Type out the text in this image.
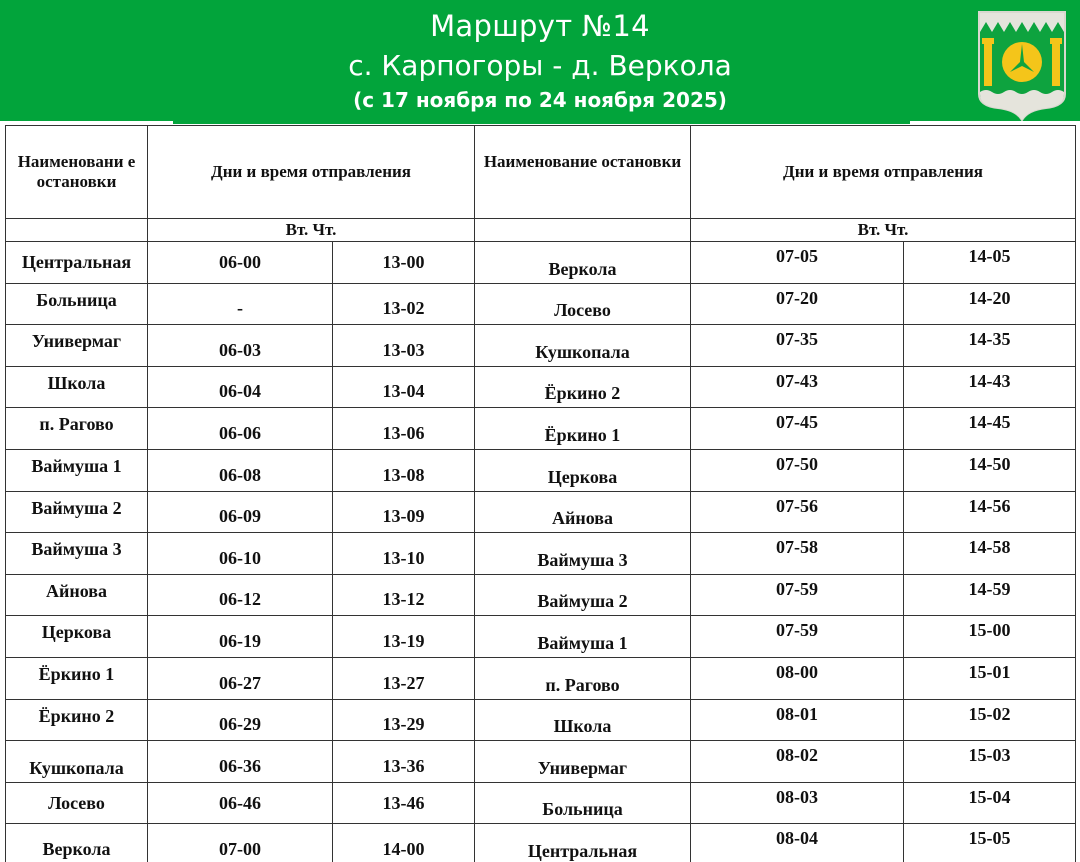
Маршрут №14
с. Карпогоры - д. Веркола
(с 17 ноября по 24 ноября 2025)
Наименовани е остановки	Дни и время отправления		Наименование остановки	Дни и время отправления	
	Вт. Чт.			Вт. Чт.	
Центральная	06-00	13-00	Веркола	07-05	14-05
Больница	-	13-02	Лосево	07-20	14-20
Универмаг	06-03	13-03	Кушкопала	07-35	14-35
Школа	06-04	13-04	Ёркино 2	07-43	14-43
п. Рагово	06-06	13-06	Ёркино 1	07-45	14-45
Ваймуша 1	06-08	13-08	Церкова	07-50	14-50
Ваймуша 2	06-09	13-09	Айнова	07-56	14-56
Ваймуша 3	06-10	13-10	Ваймуша 3	07-58	14-58
Айнова	06-12	13-12	Ваймуша 2	07-59	14-59
Церкова	06-19	13-19	Ваймуша 1	07-59	15-00
Ёркино 1	06-27	13-27	п. Рагово	08-00	15-01
Ёркино 2	06-29	13-29	Школа	08-01	15-02
Кушкопала	06-36	13-36	Универмаг	08-02	15-03
Лосево	06-46	13-46	Больница	08-03	15-04
Веркола	07-00	14-00	Центральная	08-04	15-05
